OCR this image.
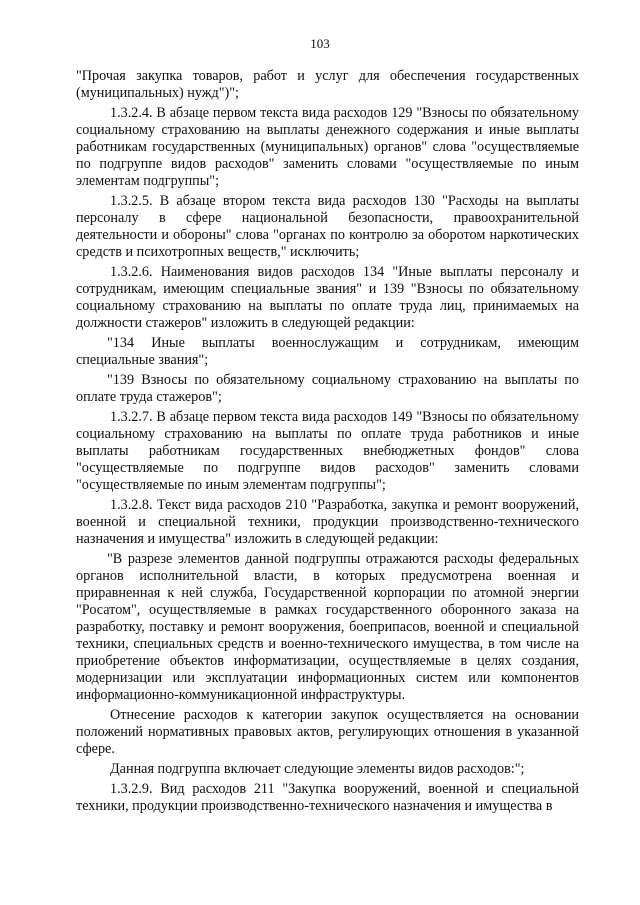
103

"Прочая закупка товаров, работ и услуг для обеспечения государственных (муниципальных) нужд")";

1.3.2.4. В абзаце первом текста вида расходов 129 "Взносы по обязательному социальному страхованию на выплаты денежного содержания и иные выплаты работникам государственных (муниципальных) органов" слова "осуществляемые по подгруппе видов расходов" заменить словами "осуществляемые по иным элементам подгруппы";

1.3.2.5. В абзаце втором текста вида расходов 130 "Расходы на выплаты персоналу в сфере национальной безопасности, правоохранительной деятельности и обороны" слова "органах по контролю за оборотом наркотических средств и психотропных веществ," исключить;

1.3.2.6. Наименования видов расходов 134 "Иные выплаты персоналу и сотрудникам, имеющим специальные звания" и 139 "Взносы по обязательному социальному страхованию на выплаты по оплате труда лиц, принимаемых на должности стажеров" изложить в следующей редакции:

"134 Иные выплаты военнослужащим и сотрудникам, имеющим специальные звания";

"139 Взносы по обязательному социальному страхованию на выплаты по оплате труда стажеров";

1.3.2.7. В абзаце первом текста вида расходов 149 "Взносы по обязательному социальному страхованию на выплаты по оплате труда работников и иные выплаты работникам государственных внебюджетных фондов" слова "осуществляемые по подгруппе видов расходов" заменить словами "осуществляемые по иным элементам подгруппы";

1.3.2.8. Текст вида расходов 210 "Разработка, закупка и ремонт вооружений, военной и специальной техники, продукции производственно-технического назначения и имущества" изложить в следующей редакции:

"В разрезе элементов данной подгруппы отражаются расходы федеральных органов исполнительной власти, в которых предусмотрена военная и приравненная к ней служба, Государственной корпорации по атомной энергии "Росатом", осуществляемые в рамках государственного оборонного заказа на разработку, поставку и ремонт вооружения, боеприпасов, военной и специальной техники, специальных средств и военно-технического имущества, в том числе на приобретение объектов информатизации, осуществляемые в целях создания, модернизации или эксплуатации информационных систем или компонентов информационно-коммуникационной инфраструктуры.

Отнесение расходов к категории закупок осуществляется на основании положений нормативных правовых актов, регулирующих отношения в указанной сфере.

Данная подгруппа включает следующие элементы видов расходов:";

1.3.2.9. Вид расходов 211 "Закупка вооружений, военной и специальной техники, продукции производственно-технического назначения и имущества в
